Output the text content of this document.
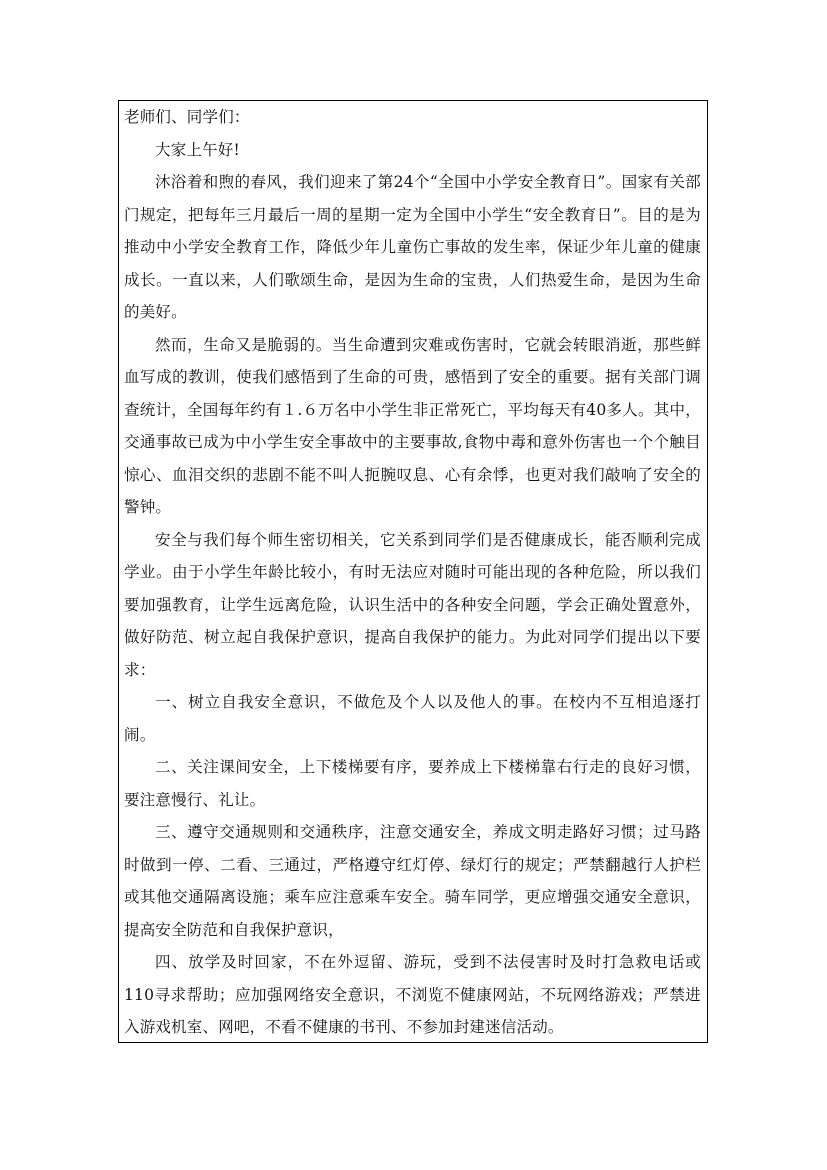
老师们、同学们：

大家上午好!

沐浴着和煦的春风，我们迎来了第24个“全国中小学安全教育日”。国家有关部门规定，把每年三月最后一周的星期一定为全国中小学生“安全教育日”。目的是为推动中小学安全教育工作，降低少年儿童伤亡事故的发生率，保证少年儿童的健康成长。一直以来，人们歌颂生命，是因为生命的宝贵，人们热爱生命，是因为生命的美好。

然而，生命又是脆弱的。当生命遭到灾难或伤害时，它就会转眼消逝，那些鲜血写成的教训，使我们感悟到了生命的可贵，感悟到了安全的重要。据有关部门调查统计，全国每年约有１.６万名中小学生非正常死亡，平均每天有40多人。其中，交通事故已成为中小学生安全事故中的主要事故,食物中毒和意外伤害也一个个触目惊心、血泪交织的悲剧不能不叫人扼腕叹息、心有余悸，也更对我们敲响了安全的警钟。

安全与我们每个师生密切相关，它关系到同学们是否健康成长，能否顺利完成学业。由于小学生年龄比较小，有时无法应对随时可能出现的各种危险，所以我们要加强教育，让学生远离危险，认识生活中的各种安全问题，学会正确处置意外，做好防范、树立起自我保护意识，提高自我保护的能力。为此对同学们提出以下要求：

一、树立自我安全意识，不做危及个人以及他人的事。在校内不互相追逐打闹。

二、关注课间安全，上下楼梯要有序，要养成上下楼梯靠右行走的良好习惯，要注意慢行、礼让。

三、遵守交通规则和交通秩序，注意交通安全，养成文明走路好习惯；过马路时做到一停、二看、三通过，严格遵守红灯停、绿灯行的规定；严禁翻越行人护栏或其他交通隔离设施；乘车应注意乘车安全。骑车同学，更应增强交通安全意识，提高安全防范和自我保护意识，

四、放学及时回家，不在外逗留、游玩，受到不法侵害时及时打急救电话或110寻求帮助；应加强网络安全意识，不浏览不健康网站，不玩网络游戏；严禁进入游戏机室、网吧，不看不健康的书刊、不参加封建迷信活动。
